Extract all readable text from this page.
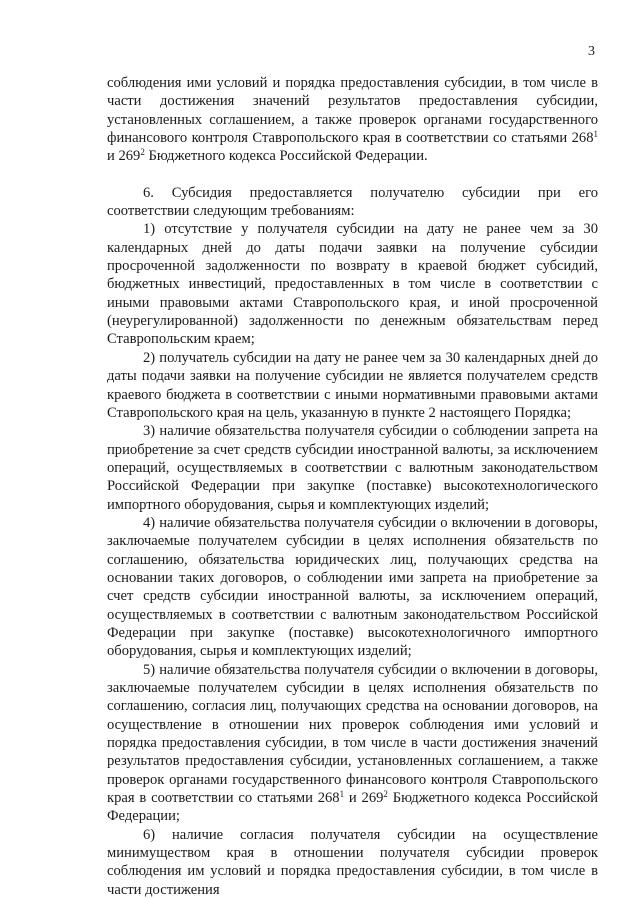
3

соблюдения ими условий и порядка предоставления субсидии, в том числе в части достижения значений результатов предоставления субсидии, установленных соглашением, а также проверок органами государственного финансового контроля Ставропольского края в соответствии со статьями $268^1$ и $269^2$ Бюджетного кодекса Российской Федерации.

6. Субсидия предоставляется получателю субсидии при его соответствии следующим требованиям:

1) отсутствие у получателя субсидии на дату не ранее чем за 30 календарных дней до даты подачи заявки на получение субсидии просроченной задолженности по возврату в краевой бюджет субсидий, бюджетных инвестиций, предоставленных в том числе в соответствии с иными правовыми актами Ставропольского края, и иной просроченной (неурегулированной) задолженности по денежным обязательствам перед Ставропольским краем;

2) получатель субсидии на дату не ранее чем за 30 календарных дней до даты подачи заявки на получение субсидии не является получателем средств краевого бюджета в соответствии с иными нормативными правовыми актами Ставропольского края на цель, указанную в пункте 2 настоящего Порядка;

3) наличие обязательства получателя субсидии о соблюдении запрета на приобретение за счет средств субсидии иностранной валюты, за исключением операций, осуществляемых в соответствии с валютным законодательством Российской Федерации при закупке (поставке) высокотехнологического импортного оборудования, сырья и комплектующих изделий;

4) наличие обязательства получателя субсидии о включении в договоры, заключаемые получателем субсидии в целях исполнения обязательств по соглашению, обязательства юридических лиц, получающих средства на основании таких договоров, о соблюдении ими запрета на приобретение за счет средств субсидии иностранной валюты, за исключением операций, осуществляемых в соответствии с валютным законодательством Российской Федерации при закупке (поставке) высокотехнологичного импортного оборудования, сырья и комплектующих изделий;

5) наличие обязательства получателя субсидии о включении в договоры, заключаемые получателем субсидии в целях исполнения обязательств по соглашению, согласия лиц, получающих средства на основании договоров, на осуществление в отношении них проверок соблюдения ими условий и порядка предоставления субсидии, в том числе в части достижения значений результатов предоставления субсидии, установленных соглашением, а также проверок органами государственного финансового контроля Ставропольского края в соответствии со статьями $268^1$ и $269^2$ Бюджетного кодекса Российской Федерации;

6) наличие согласия получателя субсидии на осуществление минимуществом края в отношении получателя субсидии проверок соблюдения им условий и порядка предоставления субсидии, в том числе в части достижения
